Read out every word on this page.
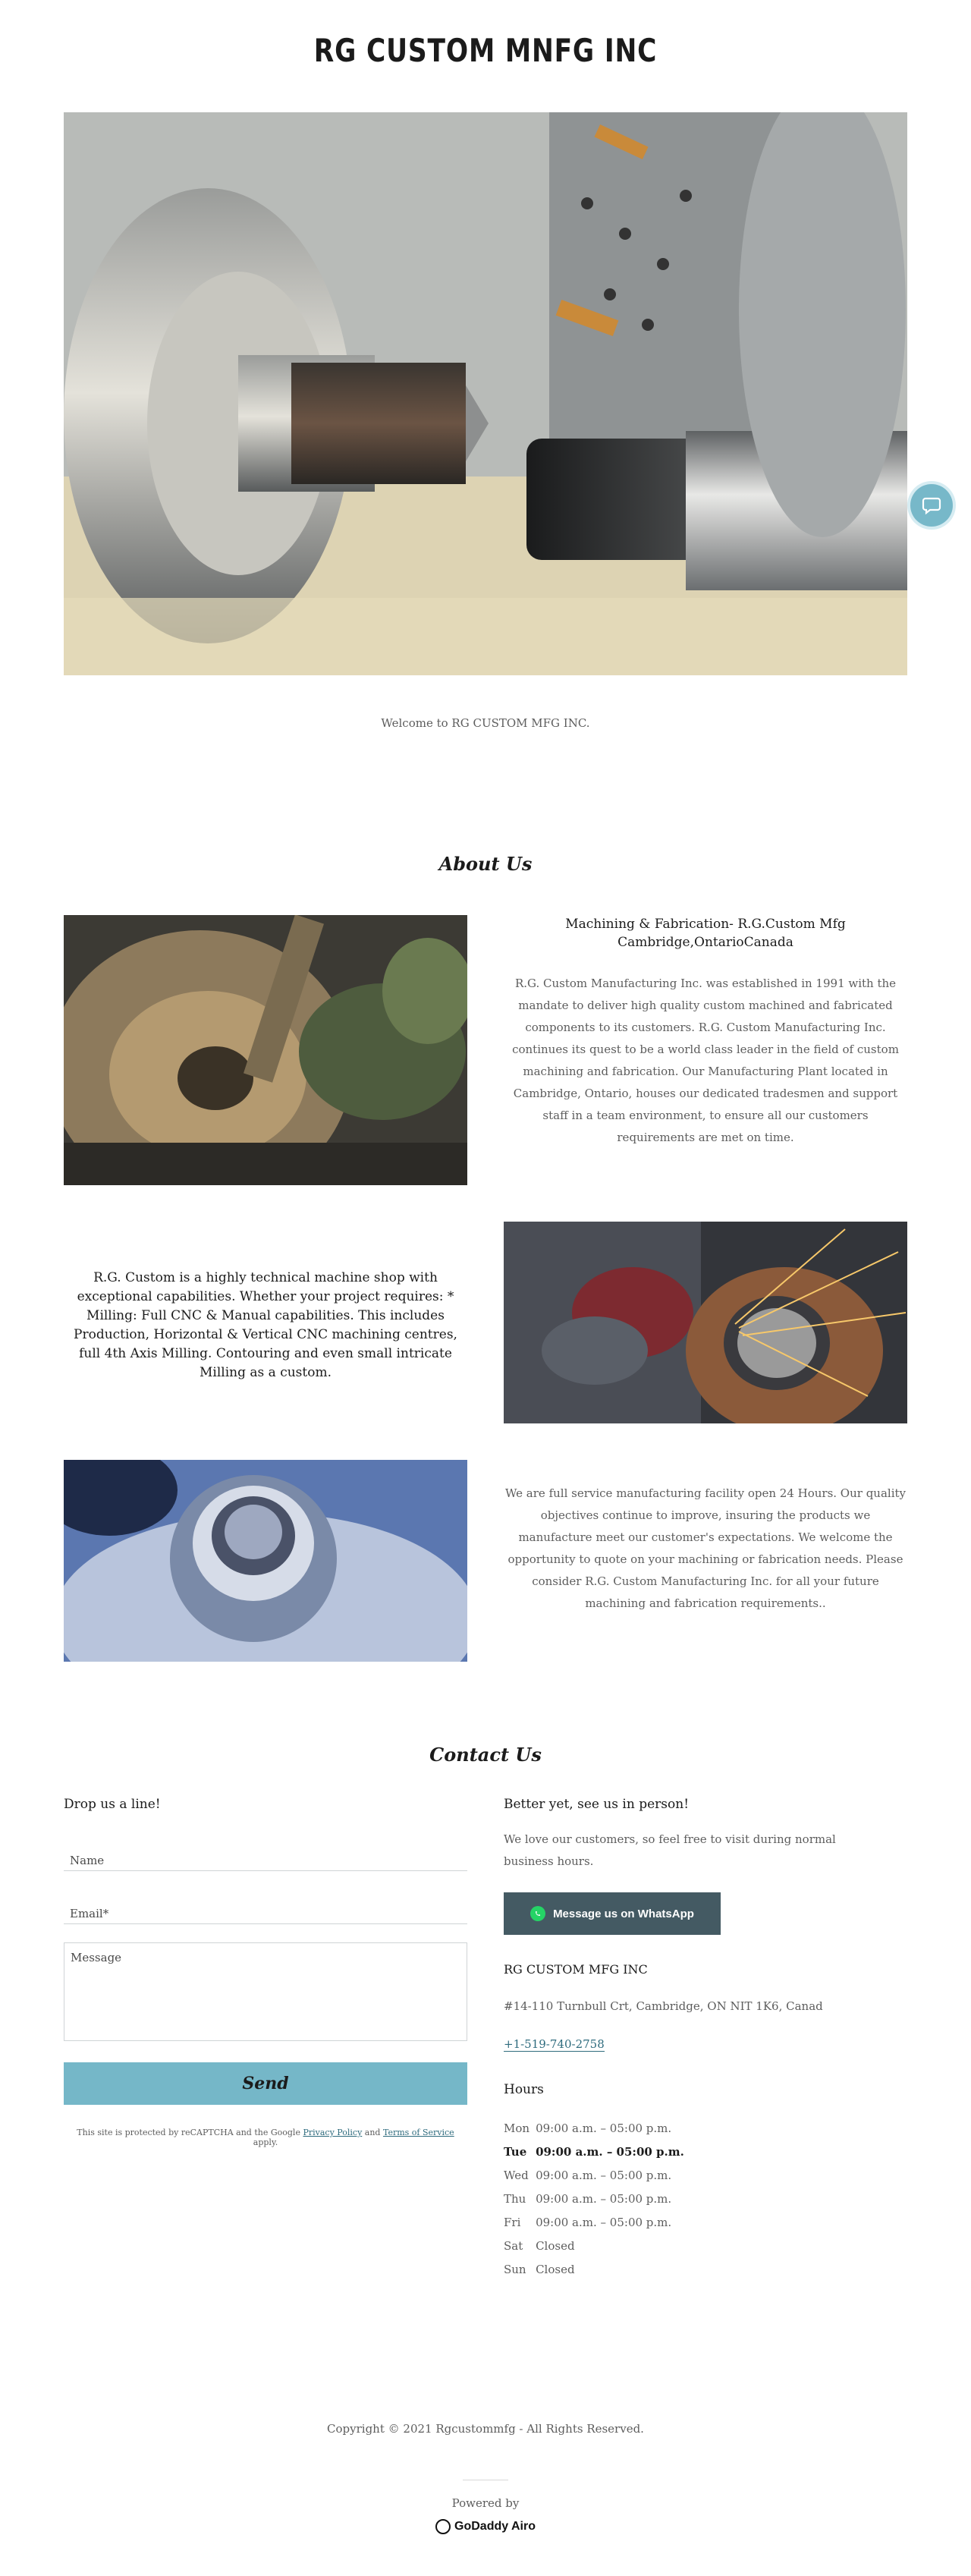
RG CUSTOM MNFG INC

Welcome to RG CUSTOM MFG INC.

About Us

Machining & Fabrication- R.G.Custom Mfg Cambridge,OntarioCanada

R.G. Custom Manufacturing Inc. was established in 1991 with the mandate to deliver high quality custom machined and fabricated components to its customers. R.G. Custom Manufacturing Inc. continues its quest to be a world class leader in the field of custom machining and fabrication. Our Manufacturing Plant located in Cambridge, Ontario, houses our dedicated tradesmen and support staff in a team environment, to ensure all our customers requirements are met on time.

R.G. Custom is a highly technical machine shop with exceptional capabilities. Whether your project requires: * Milling: Full CNC & Manual capabilities. This includes Production, Horizontal & Vertical CNC machining centres, full 4th Axis Milling. Contouring and even small intricate Milling as a custom.

We are full service manufacturing facility open 24 Hours. Our quality objectives continue to improve, insuring the products we manufacture meet our customer's expectations. We welcome the opportunity to quote on your machining or fabrication needs. Please consider R.G. Custom Manufacturing Inc. for all your future machining and fabrication requirements..

Contact Us

Drop us a line!

Name
Email*
Message
Send

This site is protected by reCAPTCHA and the Google Privacy Policy and Terms of Service apply.

Better yet, see us in person!

We love our customers, so feel free to visit during normal business hours.

Message us on WhatsApp

RG CUSTOM MFG INC

#14-110 Turnbull Crt, Cambridge, ON NIT 1K6, Canad

+1-519-740-2758

Hours

Mon	09:00 a.m. – 05:00 p.m.
Tue	09:00 a.m. – 05:00 p.m.
Wed	09:00 a.m. – 05:00 p.m.
Thu	09:00 a.m. – 05:00 p.m.
Fri	09:00 a.m. – 05:00 p.m.
Sat	Closed
Sun	Closed

Copyright © 2021 Rgcustommfg - All Rights Reserved.

Powered by

GoDaddy Airo
